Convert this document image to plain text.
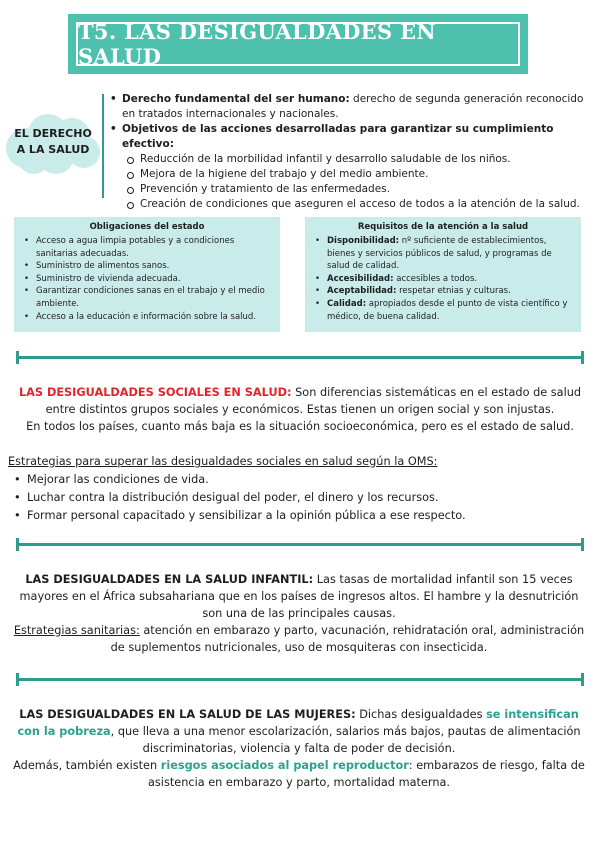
T5. LAS DESIGUALDADES EN SALUD
EL DERECHO
A LA SALUD
• Derecho fundamental del ser humano: derecho de segunda generación reconocido en tratados internacionales y nacionales.
• Objetivos de las acciones desarrolladas para garantizar su cumplimiento efectivo:
Reducción de la morbilidad infantil y desarrollo saludable de los niños.
Mejora de la higiene del trabajo y del medio ambiente.
Prevención y tratamiento de las enfermedades.
Creación de condiciones que aseguren el acceso de todos a la atención de la salud.
Obligaciones del estado
• Acceso a agua limpia potables y a condiciones sanitarias adecuadas.
• Suministro de alimentos sanos.
• Suministro de vivienda adecuada.
• Garantizar condiciones sanas en el trabajo y el medio ambiente.
• Acceso a la educación e información sobre la salud.
Requisitos de la atención a la salud
• Disponibilidad: nº suficiente de establecimientos, bienes y servicios públicos de salud, y programas de salud de calidad.
• Accesibilidad: accesibles a todos.
• Aceptabilidad: respetar etnias y culturas.
• Calidad: apropiados desde el punto de vista científico y médico, de buena calidad.
LAS DESIGUALDADES SOCIALES EN SALUD: Son diferencias sistemáticas en el estado de salud entre distintos grupos sociales y económicos. Estas tienen un origen social y son injustas.
En todos los países, cuanto más baja es la situación socioeconómica, pero es el estado de salud.
Estrategias para superar las desigualdades sociales en salud según la OMS:
• Mejorar las condiciones de vida.
• Luchar contra la distribución desigual del poder, el dinero y los recursos.
• Formar personal capacitado y sensibilizar a la opinión pública a ese respecto.
LAS DESIGUALDADES EN LA SALUD INFANTIL: Las tasas de mortalidad infantil son 15 veces mayores en el África subsahariana que en los países de ingresos altos. El hambre y la desnutrición son una de las principales causas.
Estrategias sanitarias: atención en embarazo y parto, vacunación, rehidratación oral, administración de suplementos nutricionales, uso de mosquiteras con insecticida.
LAS DESIGUALDADES EN LA SALUD DE LAS MUJERES: Dichas desigualdades se intensifican con la pobreza, que lleva a una menor escolarización, salarios más bajos, pautas de alimentación discriminatorias, violencia y falta de poder de decisión.
Además, también existen riesgos asociados al papel reproductor: embarazos de riesgo, falta de asistencia en embarazo y parto, mortalidad materna.
